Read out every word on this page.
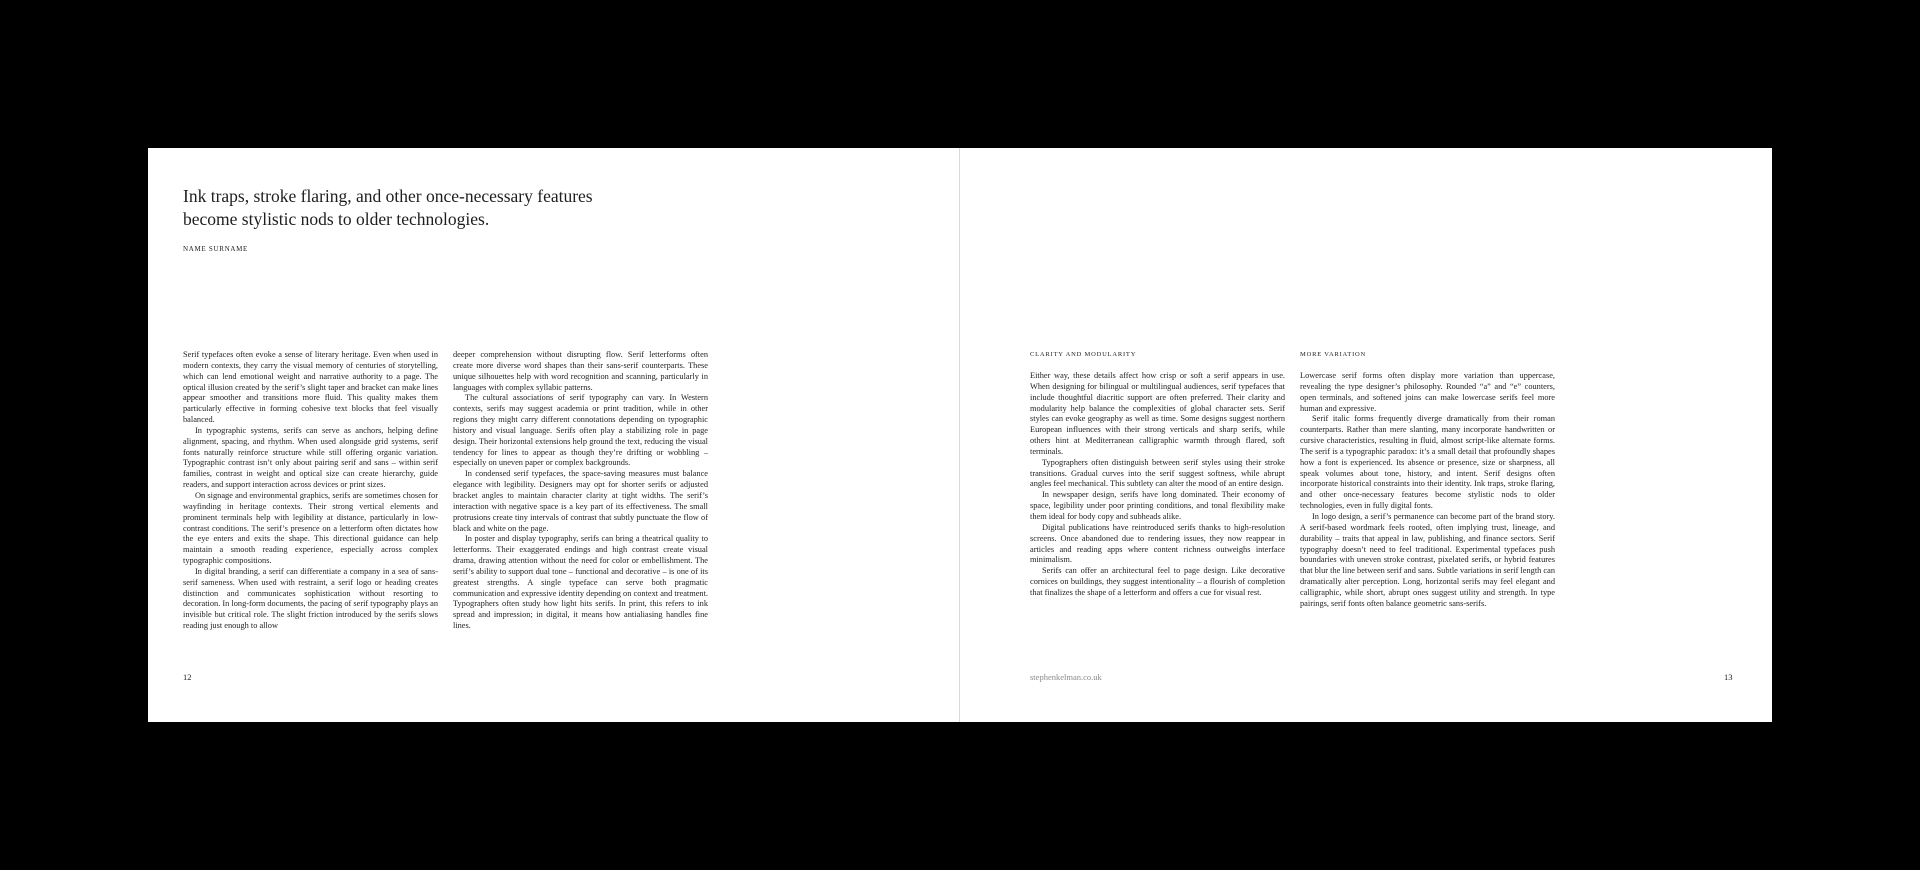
Ink traps, stroke flaring, and other once-necessary features become stylistic nods to older technologies.

NAME SURNAME

Serif typefaces often evoke a sense of literary heritage. Even when used in modern contexts, they carry the visual memory of centuries of storytelling, which can lend emotional weight and narrative authority to a page. The optical illusion created by the serif’s slight taper and bracket can make lines appear smoother and transitions more fluid. This quality makes them particularly effective in forming cohesive text blocks that feel visually balanced.

In typographic systems, serifs can serve as anchors, helping define alignment, spacing, and rhythm. When used alongside grid systems, serif fonts naturally reinforce structure while still offering organic variation. Typographic contrast isn’t only about pairing serif and sans – within serif families, contrast in weight and optical size can create hierarchy, guide readers, and support interaction across devices or print sizes.

On signage and environmental graphics, serifs are sometimes chosen for wayfinding in heritage contexts. Their strong vertical elements and prominent terminals help with legibility at distance, particularly in low-contrast conditions. The serif’s presence on a letterform often dictates how the eye enters and exits the shape. This directional guidance can help maintain a smooth reading experience, especially across complex typographic compositions.

In digital branding, a serif can differentiate a company in a sea of sans-serif sameness. When used with restraint, a serif logo or heading creates distinction and communicates sophistication without resorting to decoration. In long-form documents, the pacing of serif typography plays an invisible but critical role. The slight friction introduced by the serifs slows reading just enough to allow

deeper comprehension without disrupting flow. Serif letterforms often create more diverse word shapes than their sans-serif counterparts. These unique silhouettes help with word recognition and scanning, particularly in languages with complex syllabic patterns.

The cultural associations of serif typography can vary. In Western contexts, serifs may suggest academia or print tradition, while in other regions they might carry different connotations depending on typographic history and visual language. Serifs often play a stabilizing role in page design. Their horizontal extensions help ground the text, reducing the visual tendency for lines to appear as though they’re drifting or wobbling – especially on uneven paper or complex backgrounds.

In condensed serif typefaces, the space-saving measures must balance elegance with legibility. Designers may opt for shorter serifs or adjusted bracket angles to maintain character clarity at tight widths. The serif’s interaction with negative space is a key part of its effectiveness. The small protrusions create tiny intervals of contrast that subtly punctuate the flow of black and white on the page.

In poster and display typography, serifs can bring a theatrical quality to letterforms. Their exaggerated endings and high contrast create visual drama, drawing attention without the need for color or embellishment. The serif’s ability to support dual tone – functional and decorative – is one of its greatest strengths. A single typeface can serve both pragmatic communication and expressive identity depending on context and treatment. Typographers often study how light hits serifs. In print, this refers to ink spread and impression; in digital, it means how antialiasing handles fine lines.

12

CLARITY AND MODULARITY

Either way, these details affect how crisp or soft a serif appears in use. When designing for bilingual or multilingual audiences, serif typefaces that include thoughtful diacritic support are often preferred. Their clarity and modularity help balance the complexities of global character sets. Serif styles can evoke geography as well as time. Some designs suggest northern European influences with their strong verticals and sharp serifs, while others hint at Mediterranean calligraphic warmth through flared, soft terminals.

Typographers often distinguish between serif styles using their stroke transitions. Gradual curves into the serif suggest softness, while abrupt angles feel mechanical. This subtlety can alter the mood of an entire design.

In newspaper design, serifs have long dominated. Their economy of space, legibility under poor printing conditions, and tonal flexibility make them ideal for body copy and subheads alike.

Digital publications have reintroduced serifs thanks to high-resolution screens. Once abandoned due to rendering issues, they now reappear in articles and reading apps where content richness outweighs interface minimalism.

Serifs can offer an architectural feel to page design. Like decorative cornices on buildings, they suggest intentionality – a flourish of completion that finalizes the shape of a letterform and offers a cue for visual rest.

MORE VARIATION

Lowercase serif forms often display more variation than uppercase, revealing the type designer’s philosophy. Rounded “a” and “e” counters, open terminals, and softened joins can make lowercase serifs feel more human and expressive.

Serif italic forms frequently diverge dramatically from their roman counterparts. Rather than mere slanting, many incorporate handwritten or cursive characteristics, resulting in fluid, almost script-like alternate forms. The serif is a typographic paradox: it’s a small detail that profoundly shapes how a font is experienced. Its absence or presence, size or sharpness, all speak volumes about tone, history, and intent. Serif designs often incorporate historical constraints into their identity. Ink traps, stroke flaring, and other once-necessary features become stylistic nods to older technologies, even in fully digital fonts.

In logo design, a serif’s permanence can become part of the brand story. A serif-based wordmark feels rooted, often implying trust, lineage, and durability – traits that appeal in law, publishing, and finance sectors. Serif typography doesn’t need to feel traditional. Experimental typefaces push boundaries with uneven stroke contrast, pixelated serifs, or hybrid features that blur the line between serif and sans. Subtle variations in serif length can dramatically alter perception. Long, horizontal serifs may feel elegant and calligraphic, while short, abrupt ones suggest utility and strength. In type pairings, serif fonts often balance geometric sans-serifs.

stephenkelman.co.uk	13
